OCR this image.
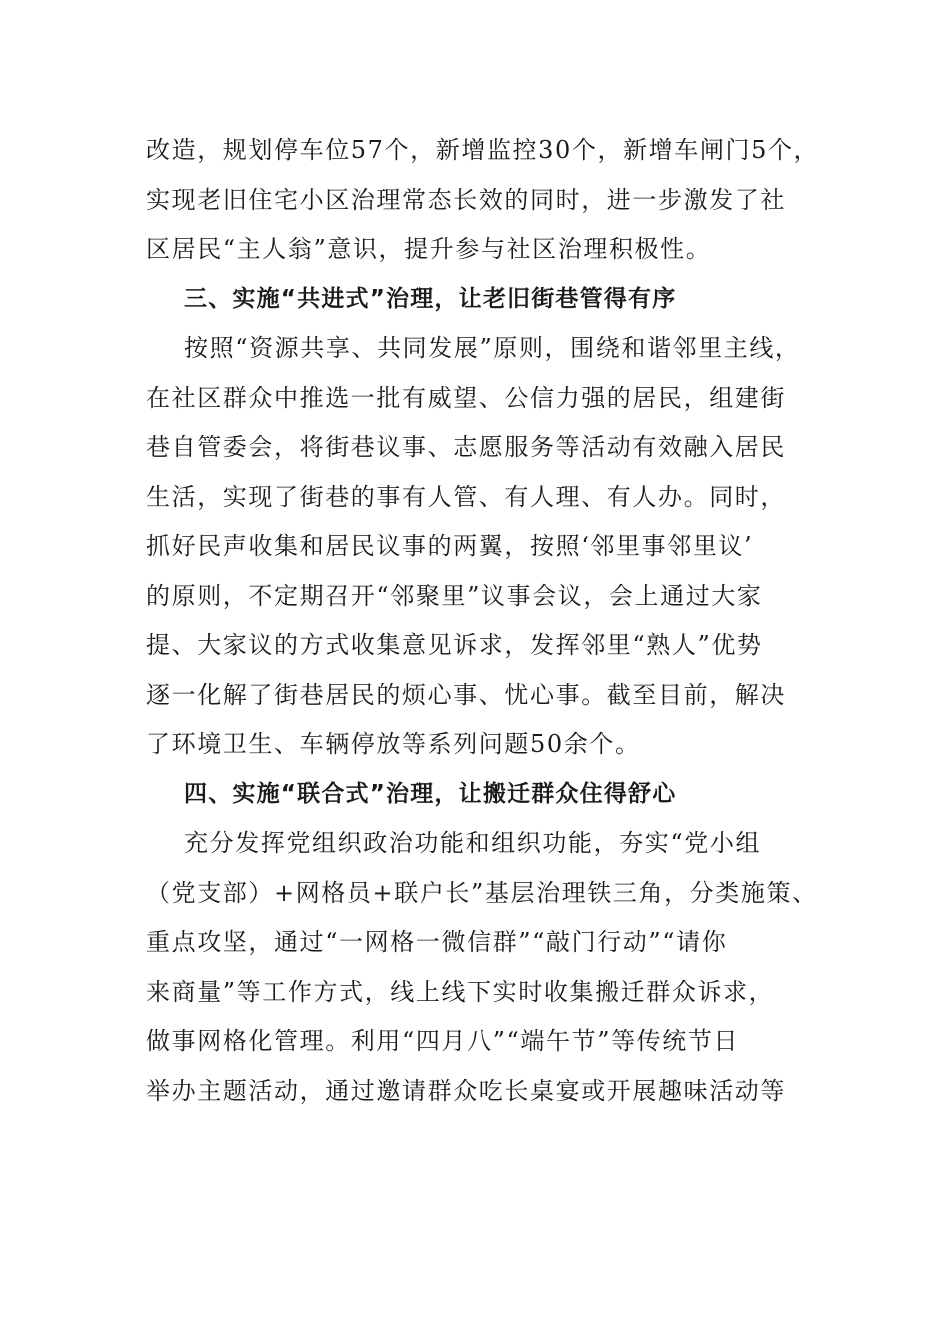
改造，规划停车位57个，新增监控30个，新增车闸门5个，
实现老旧住宅小区治理常态长效的同时，进一步激发了社
区居民“主人翁”意识，提升参与社区治理积极性。
三、实施“共进式”治理，让老旧街巷管得有序
按照“资源共享、共同发展”原则，围绕和谐邻里主线，
在社区群众中推选一批有威望、公信力强的居民，组建街
巷自管委会，将街巷议事、志愿服务等活动有效融入居民
生活，实现了街巷的事有人管、有人理、有人办。同时，
抓好民声收集和居民议事的两翼，按照‘邻里事邻里议’
的原则，不定期召开“邻聚里”议事会议，会上通过大家
提、大家议的方式收集意见诉求，发挥邻里“熟人”优势
逐一化解了街巷居民的烦心事、忧心事。截至目前，解决
了环境卫生、车辆停放等系列问题50余个。
四、实施“联合式”治理，让搬迁群众住得舒心
充分发挥党组织政治功能和组织功能，夯实“党小组
（党支部）+网格员+联户长”基层治理铁三角，分类施策、
重点攻坚，通过“一网格一微信群”“敲门行动”“请你
来商量”等工作方式，线上线下实时收集搬迁群众诉求，
做事网格化管理。利用“四月八”“端午节”等传统节日
举办主题活动，通过邀请群众吃长桌宴或开展趣味活动等
